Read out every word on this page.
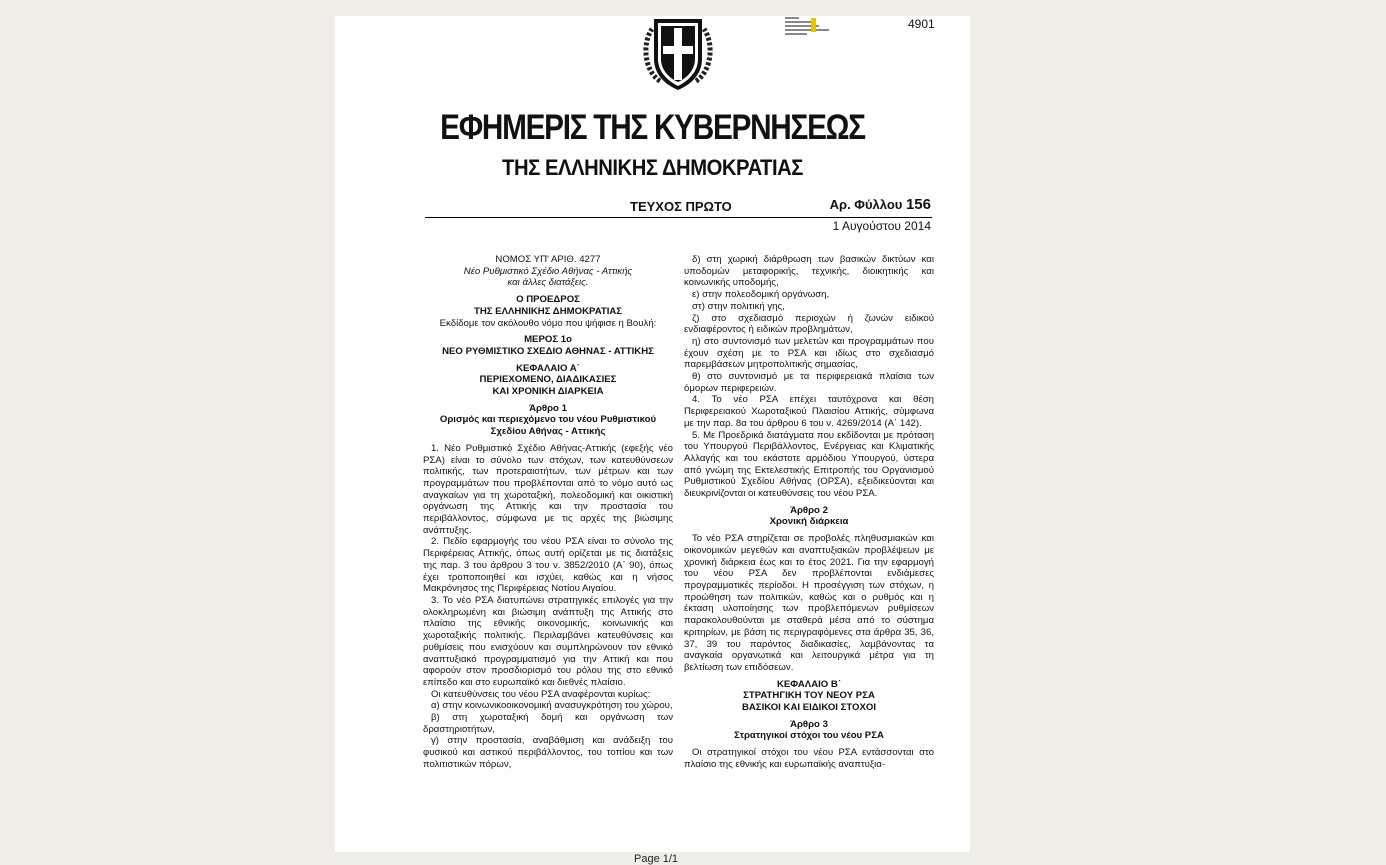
4901
ΕΦΗΜΕΡΙΣ ΤΗΣ ΚΥΒΕΡΝΗΣΕΩΣ
ΤΗΣ ΕΛΛΗΝΙΚΗΣ ΔΗΜΟΚΡΑΤΙΑΣ
ΤΕΥΧΟΣ ΠΡΩΤΟ	Αρ. Φύλλου 156
1 Αυγούστου 2014

ΝΟΜΟΣ ΥΠ' ΑΡΙΘ. 4277

Νέο Ρυθμιστικό Σχέδιο Αθήνας - Αττικής

και άλλες διατάξεις.

Ο ΠΡΟΕΔΡΟΣ

ΤΗΣ ΕΛΛΗΝΙΚΗΣ ΔΗΜΟΚΡΑΤΙΑΣ

Εκδίδομε τον ακόλουθο νόμο που ψήφισε η Βουλή:

ΜΕΡΟΣ 1ο

ΝΕΟ ΡΥΘΜΙΣΤΙΚΟ ΣΧΕΔΙΟ ΑΘΗΝΑΣ - ΑΤΤΙΚΗΣ

ΚΕΦΑΛΑΙΟ Α΄

ΠΕΡΙΕΧΟΜΕΝΟ, ΔΙΑΔΙΚΑΣΙΕΣ

ΚΑΙ ΧΡΟΝΙΚΗ ΔΙΑΡΚΕΙΑ

Άρθρο 1

Ορισμός και περιεχόμενο του νέου Ρυθμιστικού

Σχεδίου Αθήνας - Αττικής

1. Νέο Ρυθμιστικό Σχέδιο Αθήνας-Αττικής (εφεξής νέο ΡΣΑ) είναι το σύνολο των στόχων, των κατευθύνσεων πολιτικής, των προτεραιοτήτων, των μέτρων και των προγραμμάτων που προβλέπονται από το νόμο αυτό ως αναγκαίων για τη χωροταξική, πολεοδομική και οικιστική οργάνωση της Αττικής και την προστασία του περιβάλλοντος, σύμφωνα με τις αρχές της βιώσιμης ανάπτυξης.

2. Πεδίο εφαρμογής του νέου ΡΣΑ είναι το σύνολο της Περιφέρειας Αττικής, όπως αυτή ορίζεται με τις διατάξεις της παρ. 3 του άρθρου 3 του ν. 3852/2010 (Α΄ 90), όπως έχει τροποποιηθεί και ισχύει, καθώς και η νήσος Μακρόνησος της Περιφέρειας Νοτίου Αιγαίου.

3. Το νέο ΡΣΑ διατυπώνει στρατηγικές επιλογές για την ολοκληρωμένη και βιώσιμη ανάπτυξη της Αττικής στο πλαίσιο της εθνικής οικονομικής, κοινωνικής και χωροταξικής πολιτικής. Περιλαμβάνει κατευθύνσεις και ρυθμίσεις που ενισχύουν και συμπληρώνουν τον εθνικό αναπτυξιακό προγραμματισμό για την Αττική και που αφορούν στον προσδιορισμό του ρόλου της στο εθνικό επίπεδο και στο ευρωπαϊκό και διεθνές πλαίσιο.

Οι κατευθύνσεις του νέου ΡΣΑ αναφέρονται κυρίως:

α) στην κοινωνικοοικονομική ανασυγκρότηση του χώρου,

β) στη χωροταξική δομή και οργάνωση των δραστηριοτήτων,

γ) στην προστασία, αναβάθμιση και ανάδειξη του φυσικού και αστικού περιβάλλοντος, του τοπίου και των πολιτιστικών πόρων,

δ) στη χωρική διάρθρωση των βασικών δικτύων και υποδομών μεταφορικής, τεχνικής, διοικητικής και κοινωνικής υποδομής,

ε) στην πολεοδομική οργάνωση,

στ) στην πολιτική γης,

ζ) στο σχεδιασμό περιοχών ή ζωνών ειδικού ενδιαφέροντος ή ειδικών προβλημάτων,

η) στο συντονισμό των μελετών και προγραμμάτων που έχουν σχέση με το ΡΣΑ και ιδίως στο σχεδιασμό παρεμβάσεων μητροπολιτικής σημασίας,

θ) στο συντονισμό με τα περιφερειακά πλαίσια των όμορων περιφερειών.

4. Το νέο ΡΣΑ επέχει ταυτόχρονα και θέση Περιφερειακού Χωροταξικού Πλαισίου Αττικής, σύμφωνα με την παρ. 8α του άρθρου 6 του ν. 4269/2014 (Α΄ 142).

5. Με Προεδρικά διατάγματα που εκδίδονται με πρόταση του Υπουργού Περιβάλλοντος, Ενέργειας και Κλιματικής Αλλαγής και του εκάστοτε αρμόδιου Υπουργού, ύστερα από γνώμη της Εκτελεστικής Επιτροπής του Οργανισμού Ρυθμιστικού Σχεδίου Αθήνας (ΟΡΣΑ), εξειδικεύονται και διευκρινίζονται οι κατευθύνσεις του νέου ΡΣΑ.

Άρθρο 2

Χρονική διάρκεια

Το νέο ΡΣΑ στηρίζεται σε προβολές πληθυσμιακών και οικονομικών μεγεθών και αναπτυξιακών προβλέψεων με χρονική διάρκεια έως και το έτος 2021. Για την εφαρμογή του νέου ΡΣΑ δεν προβλέπονται ενδιάμεσες προγραμματικές περίοδοι. Η προσέγγιση των στόχων, η προώθηση των πολιτικών, καθώς και ο ρυθμός και η έκταση υλοποίησης των προβλεπόμενων ρυθμίσεων παρακολουθούνται με σταθερά μέσα από το σύστημα κριτηρίων, με βάση τις περιγραφόμενες στα άρθρα 35, 36, 37, 39 του παρόντος διαδικασίες, λαμβάνοντας τα αναγκαία οργανωτικά και λειτουργικά μέτρα για τη βελτίωση των επιδόσεων.

ΚΕΦΑΛΑΙΟ Β΄

ΣΤΡΑΤΗΓΙΚΗ ΤΟΥ ΝΕΟΥ ΡΣΑ

ΒΑΣΙΚΟΙ ΚΑΙ ΕΙΔΙΚΟΙ ΣΤΟΧΟΙ

Άρθρο 3

Στρατηγικοί στόχοι του νέου ΡΣΑ

Οι στρατηγικοί στόχοι του νέου ΡΣΑ εντάσσονται στο πλαίσιο της εθνικής και ευρωπαϊκής αναπτυξια-

Page 1/1
